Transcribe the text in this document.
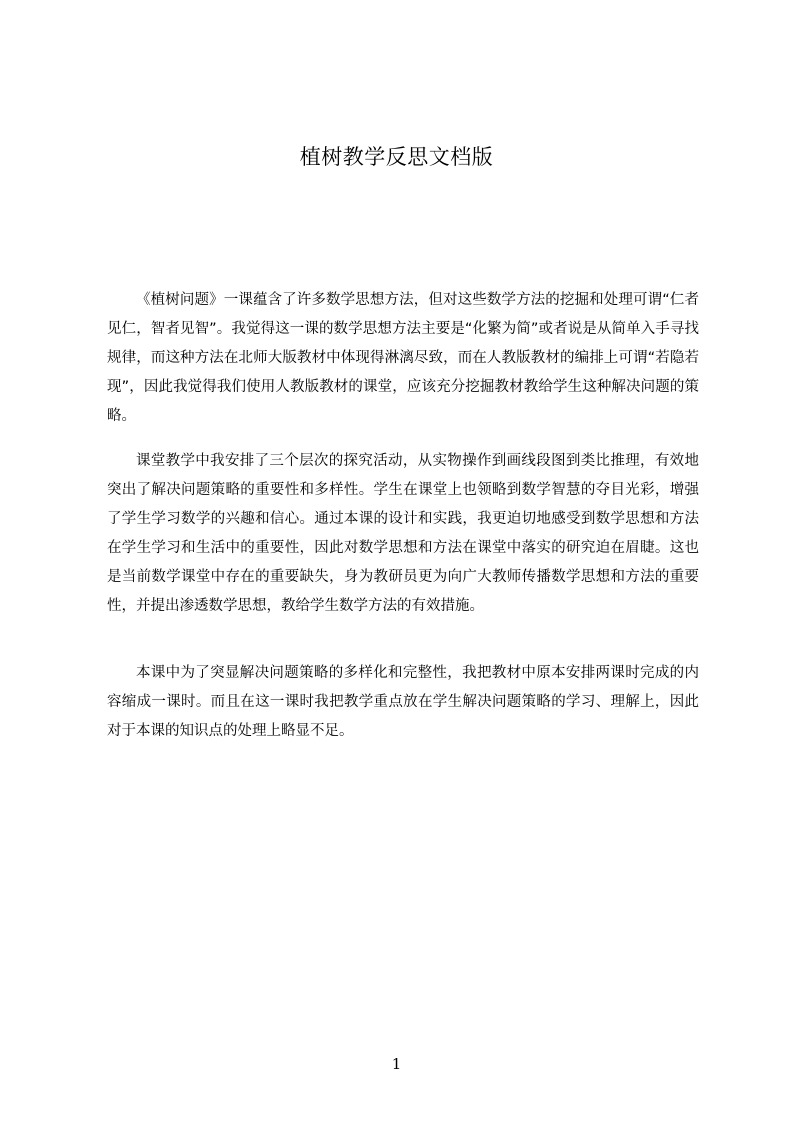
植树教学反思文档版

《植树问题》一课蕴含了许多数学思想方法，但对这些数学方法的挖掘和处理可谓“仁者见仁，智者见智”。我觉得这一课的数学思想方法主要是“化繁为简”或者说是从简单入手寻找规律，而这种方法在北师大版教材中体现得淋漓尽致，而在人教版教材的编排上可谓“若隐若现”，因此我觉得我们使用人教版教材的课堂，应该充分挖掘教材教给学生这种解决问题的策略。

课堂教学中我安排了三个层次的探究活动，从实物操作到画线段图到类比推理，有效地突出了解决问题策略的重要性和多样性。学生在课堂上也领略到数学智慧的夺目光彩，增强了学生学习数学的兴趣和信心。通过本课的设计和实践，我更迫切地感受到数学思想和方法在学生学习和生活中的重要性，因此对数学思想和方法在课堂中落实的研究迫在眉睫。这也是当前数学课堂中存在的重要缺失，身为教研员更为向广大教师传播数学思想和方法的重要性，并提出渗透数学思想，教给学生数学方法的有效措施。

本课中为了突显解决问题策略的多样化和完整性，我把教材中原本安排两课时完成的内容缩成一课时。而且在这一课时我把教学重点放在学生解决问题策略的学习、理解上，因此对于本课的知识点的处理上略显不足。

1
